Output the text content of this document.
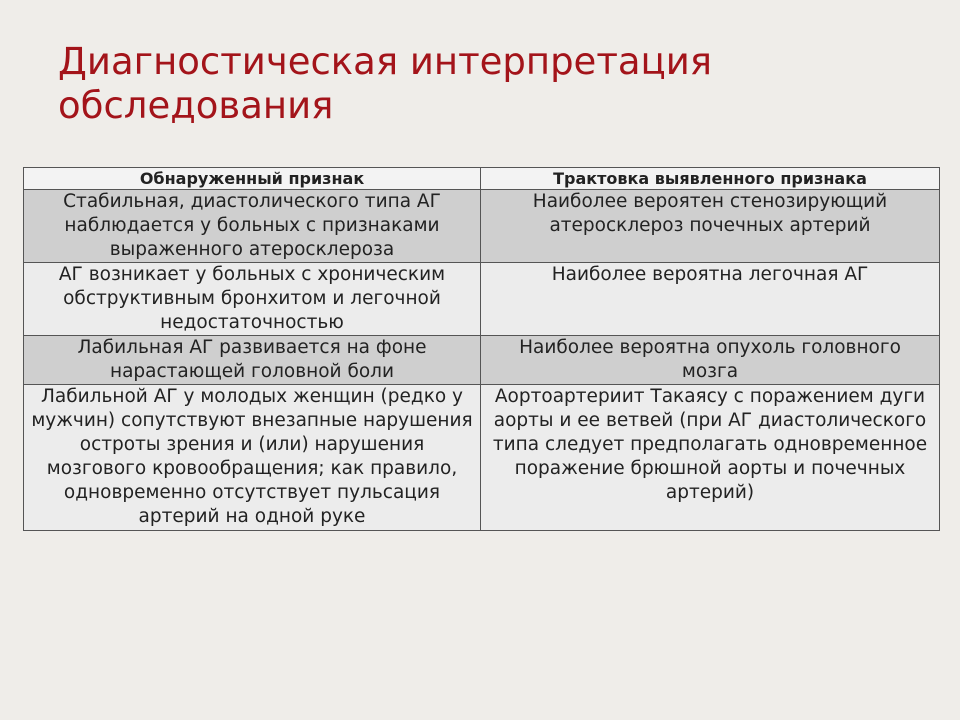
Диагностическая интерпретация
обследования
Обнаруженный признак	Трактовка выявленного признака

Стабильная, диастолического типа АГ наблюдается у больных с признаками выраженного атеросклероза	Наиболее вероятен стенозирующий атеросклероз почечных артерий

АГ возникает у больных с хроническим обструктивным бронхитом и легочной недостаточностью	Наиболее вероятна легочная АГ

Лабильная АГ развивается на фоне нарастающей головной боли	Наиболее вероятна опухоль головного мозга

Лабильной АГ у молодых женщин (редко у мужчин) сопутствуют внезапные нарушения остроты зрения и (или) нарушения мозгового кровообращения; как правило, одновременно отсутствует пульсация артерий на одной руке	Аортоартериит Такаясу с поражением дуги аорты и ее ветвей (при АГ диастолического типа следует предполагать одновременное поражение брюшной аорты и почечных артерий)
